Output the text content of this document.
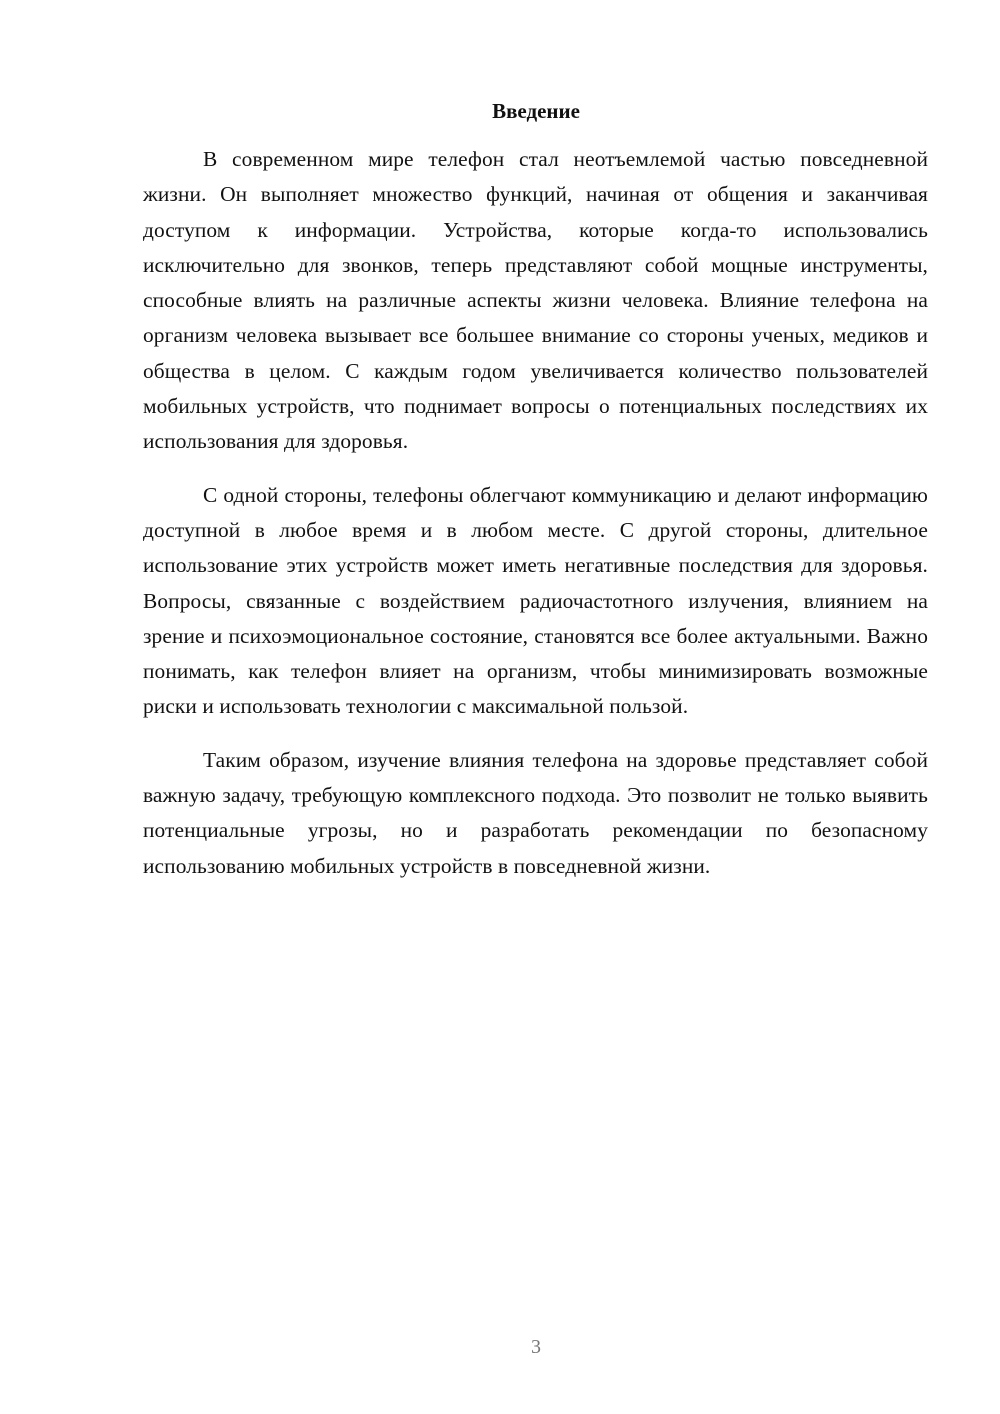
Введение

В современном мире телефон стал неотъемлемой частью повседневной жизни. Он выполняет множество функций, начиная от общения и заканчивая доступом к информации. Устройства, которые когда-то использовались исключительно для звонков, теперь представляют собой мощные инструменты, способные влиять на различные аспекты жизни человека. Влияние телефона на организм человека вызывает все большее внимание со стороны ученых, медиков и общества в целом. С каждым годом увеличивается количество пользователей мобильных устройств, что поднимает вопросы о потенциальных последствиях их использования для здоровья.

С одной стороны, телефоны облегчают коммуникацию и делают информацию доступной в любое время и в любом месте. С другой стороны, длительное использование этих устройств может иметь негативные последствия для здоровья. Вопросы, связанные с воздействием радиочастотного излучения, влиянием на зрение и психоэмоциональное состояние, становятся все более актуальными. Важно понимать, как телефон влияет на организм, чтобы минимизировать возможные риски и использовать технологии с максимальной пользой.

Таким образом, изучение влияния телефона на здоровье представляет собой важную задачу, требующую комплексного подхода. Это позволит не только выявить потенциальные угрозы, но и разработать рекомендации по безопасному использованию мобильных устройств в повседневной жизни.

3
